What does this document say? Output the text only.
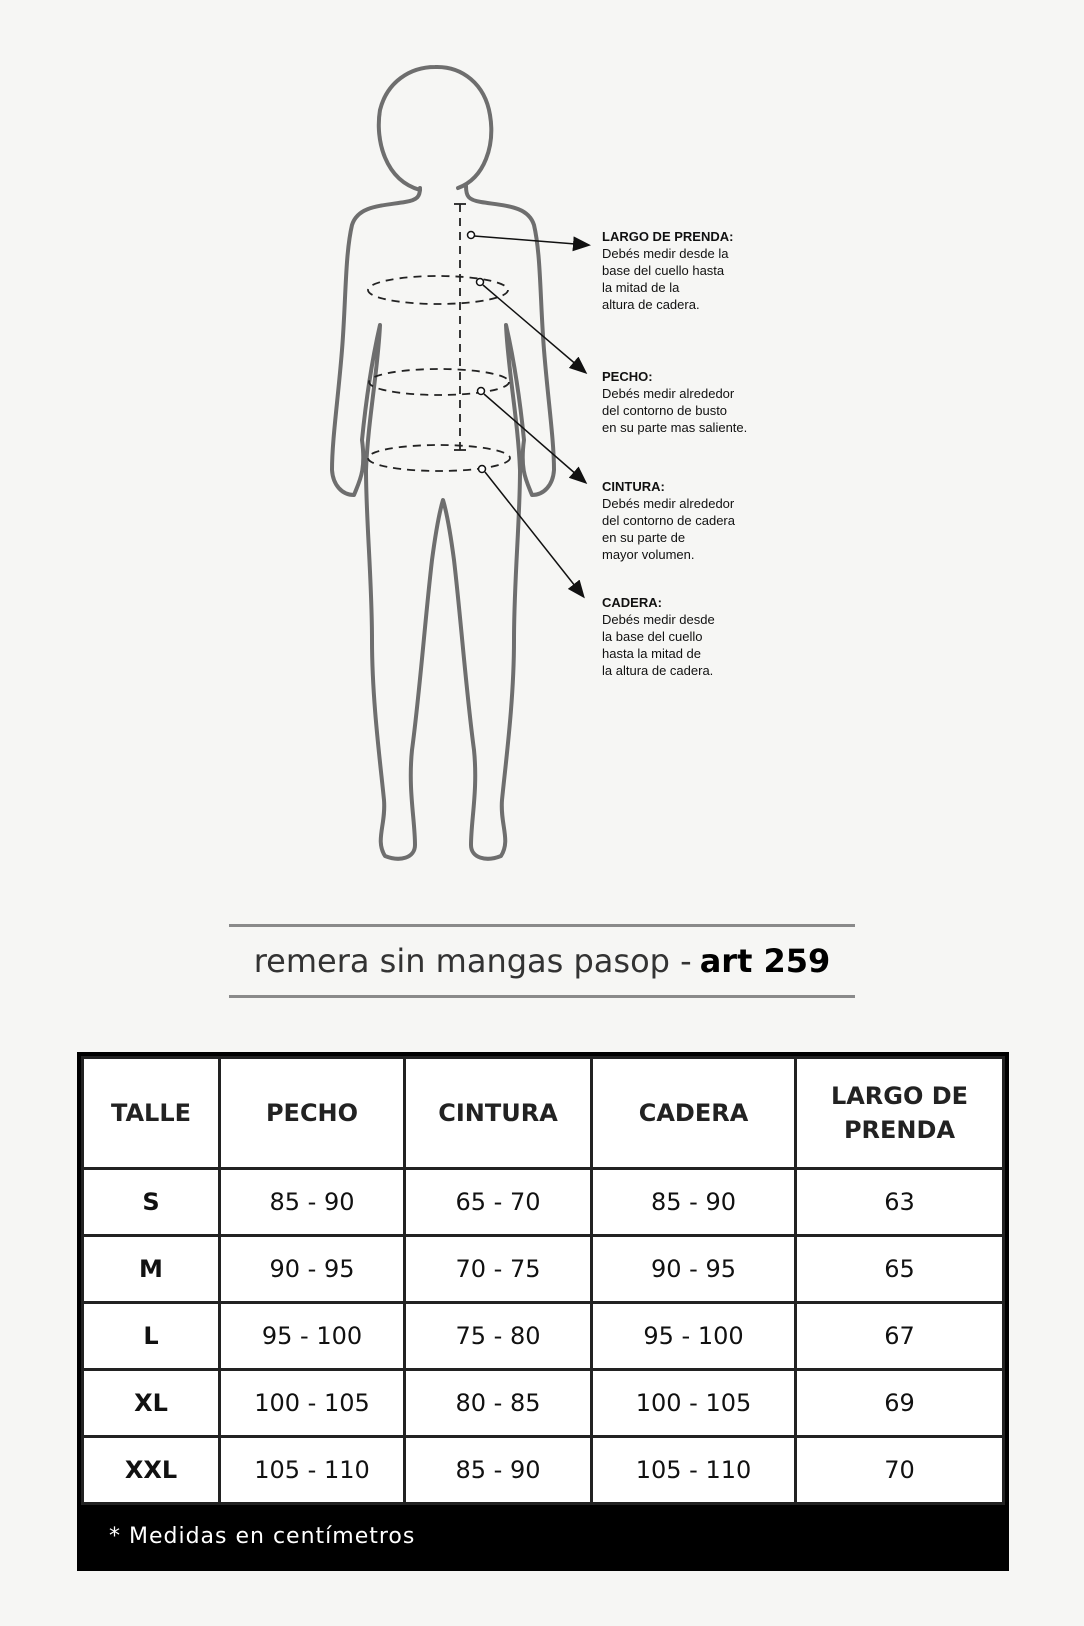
LARGO DE PRENDA:
Debés medir desde la
base del cuello hasta
la mitad de la
altura de cadera.
PECHO:
Debés medir alrededor
del contorno de busto
en su parte mas saliente.
CINTURA:
Debés medir alrededor
del contorno de cadera
en su parte de
mayor volumen.
CADERA:
Debés medir desde
la base del cuello
hasta la mitad de
la altura de cadera.
remera sin mangas pasop - art 259
TALLE	PECHO	CINTURA	CADERA	LARGO DE PRENDA
S	85 - 90	65 - 70	85 - 90	63
M	90 - 95	70 - 75	90 - 95	65
L	95 - 100	75 - 80	95 - 100	67
XL	100 - 105	80 - 85	100 - 105	69
XXL	105 - 110	85 - 90	105 - 110	70
* Medidas en centímetros
